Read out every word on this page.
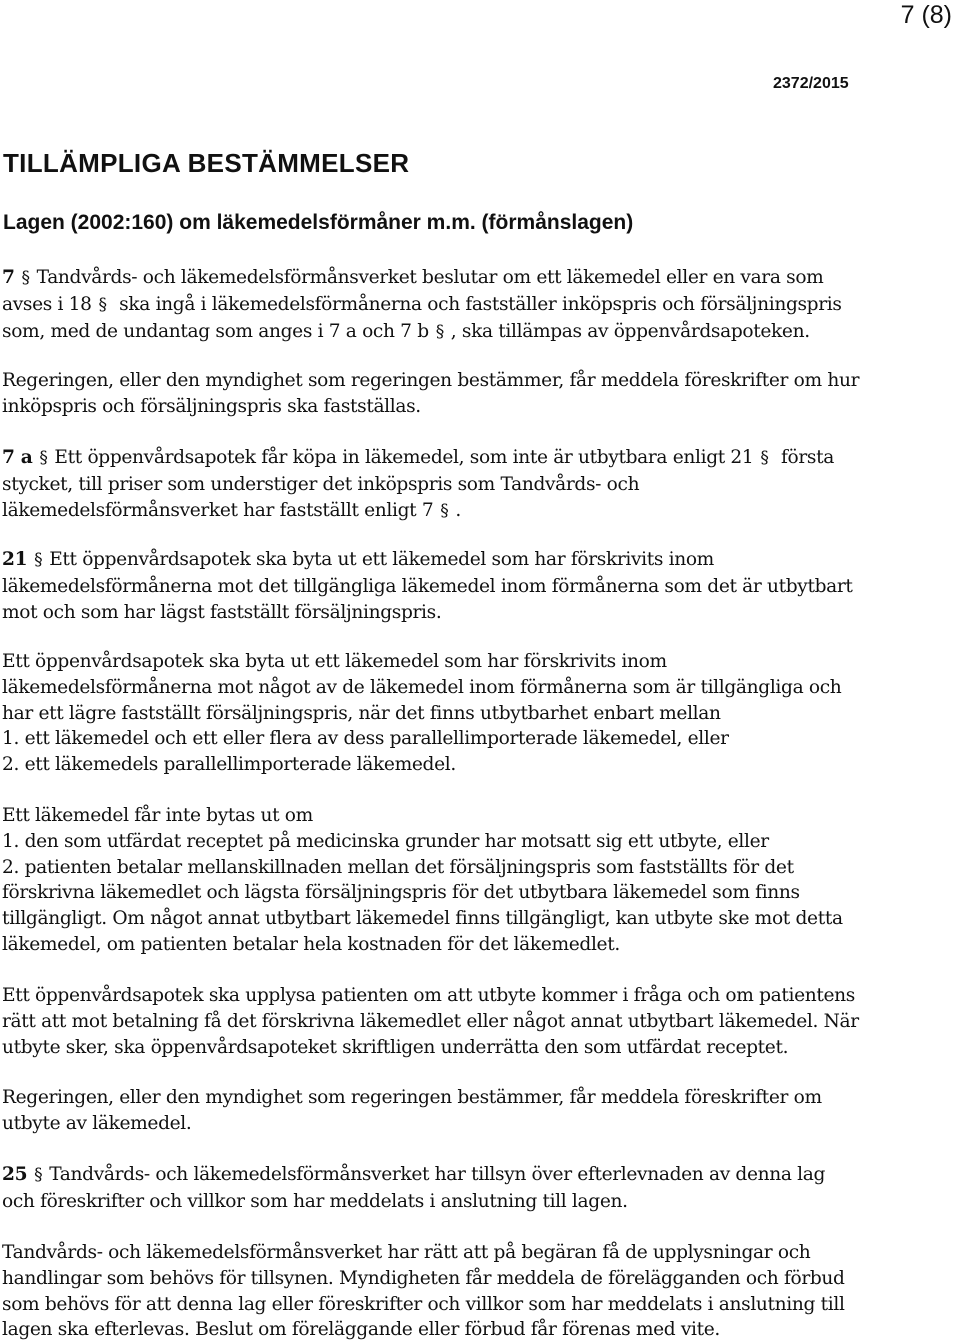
7 (8)
2372/2015
TILLÄMPLIGA BESTÄMMELSER
Lagen (2002:160) om läkemedelsförmåner m.m. (förmånslagen)

7 § Tandvårds- och läkemedelsförmånsverket beslutar om ett läkemedel eller en vara som
avses i 18 § ska ingå i läkemedelsförmånerna och fastställer inköpspris och försäljningspris
som, med de undantag som anges i 7 a och 7 b § , ska tillämpas av öppenvårdsapoteken.

Regeringen, eller den myndighet som regeringen bestämmer, får meddela föreskrifter om hur
inköpspris och försäljningspris ska fastställas.

7 a § Ett öppenvårdsapotek får köpa in läkemedel, som inte är utbytbara enligt 21 § första
stycket, till priser som understiger det inköpspris som Tandvårds- och
läkemedelsförmånsverket har fastställt enligt 7 § .

21 § Ett öppenvårdsapotek ska byta ut ett läkemedel som har förskrivits inom
läkemedelsförmånerna mot det tillgängliga läkemedel inom förmånerna som det är utbytbart
mot och som har lägst fastställt försäljningspris.

Ett öppenvårdsapotek ska byta ut ett läkemedel som har förskrivits inom
läkemedelsförmånerna mot något av de läkemedel inom förmånerna som är tillgängliga och
har ett lägre fastställt försäljningspris, när det finns utbytbarhet enbart mellan
1. ett läkemedel och ett eller flera av dess parallellimporterade läkemedel, eller
2. ett läkemedels parallellimporterade läkemedel.

Ett läkemedel får inte bytas ut om
1. den som utfärdat receptet på medicinska grunder har motsatt sig ett utbyte, eller
2. patienten betalar mellanskillnaden mellan det försäljningspris som fastställts för det
förskrivna läkemedlet och lägsta försäljningspris för det utbytbara läkemedel som finns
tillgängligt. Om något annat utbytbart läkemedel finns tillgängligt, kan utbyte ske mot detta
läkemedel, om patienten betalar hela kostnaden för det läkemedlet.

Ett öppenvårdsapotek ska upplysa patienten om att utbyte kommer i fråga och om patientens
rätt att mot betalning få det förskrivna läkemedlet eller något annat utbytbart läkemedel. När
utbyte sker, ska öppenvårdsapoteket skriftligen underrätta den som utfärdat receptet.

Regeringen, eller den myndighet som regeringen bestämmer, får meddela föreskrifter om
utbyte av läkemedel.

25 § Tandvårds- och läkemedelsförmånsverket har tillsyn över efterlevnaden av denna lag
och föreskrifter och villkor som har meddelats i anslutning till lagen.

Tandvårds- och läkemedelsförmånsverket har rätt att på begäran få de upplysningar och
handlingar som behövs för tillsynen. Myndigheten får meddela de förelägganden och förbud
som behövs för att denna lag eller föreskrifter och villkor som har meddelats i anslutning till
lagen ska efterlevas. Beslut om föreläggande eller förbud får förenas med vite.
